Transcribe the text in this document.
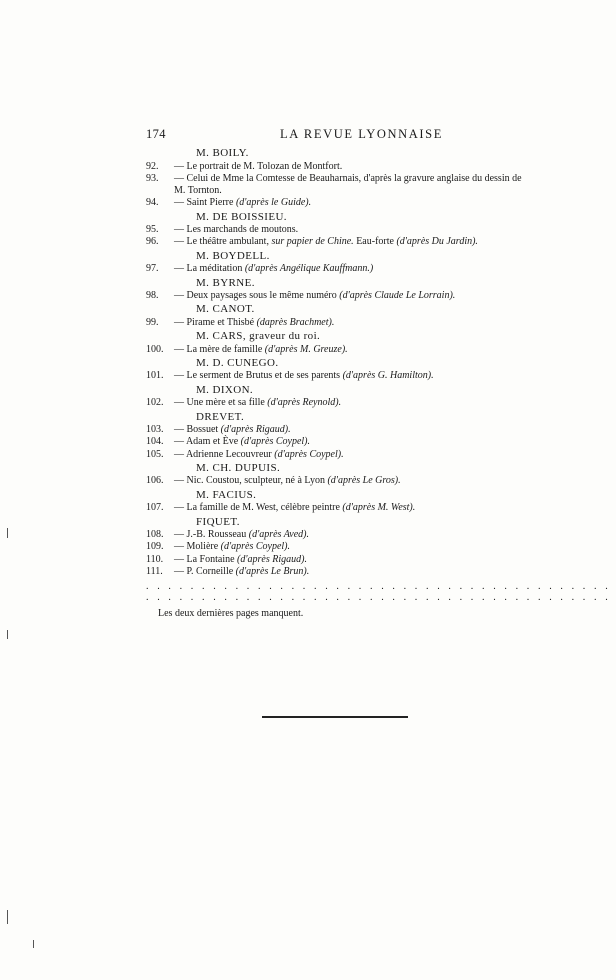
174	LA REVUE LYONNAISE
M. BOILY.
92.	— Le portrait de M. Tolozan de Montfort.
93.	— Celui de Mme la Comtesse de Beauharnais, d'après la gravure anglaise du dessin de M. Tornton.
94.	— Saint Pierre (d'après le Guide).
M. DE BOISSIEU.
95.	— Les marchands de moutons.
96.	— Le théâtre ambulant, sur papier de Chine. Eau-forte (d'après Du Jardin).
M. BOYDELL.
97.	— La méditation (d'après Angélique Kauffmann.)
M. BYRNE.
98.	— Deux paysages sous le même numéro (d'après Claude Le Lorrain).
M. CANOT.
99.	— Pirame et Thisbé (daprès Brachmet).
M. CARS, graveur du roi.
100.	— La mère de famille (d'après M. Greuze).
M. D. CUNEGO.
101.	— Le serment de Brutus et de ses parents (d'après G. Hamilton).
M. DIXON.
102.	— Une mère et sa fille (d'après Reynold).
DREVET.
103.	— Bossuet (d'après Rigaud).
104.	— Adam et Ève (d'après Coypel).
105.	— Adrienne Lecouvreur (d'après Coypel).
M. CH. DUPUIS.
106.	— Nic. Coustou, sculpteur, né à Lyon (d'après Le Gros).
M. FACIUS.
107.	— La famille de M. West, célèbre peintre (d'après M. West).
FIQUET.
108.	— J.-B. Rousseau (d'après Aved).
109.	— Molière (d'après Coypel).
110.	— La Fontaine (d'après Rigaud).
111.	— P. Corneille (d'après Le Brun).
..........................................
..........................................
Les deux dernières pages manquent.
